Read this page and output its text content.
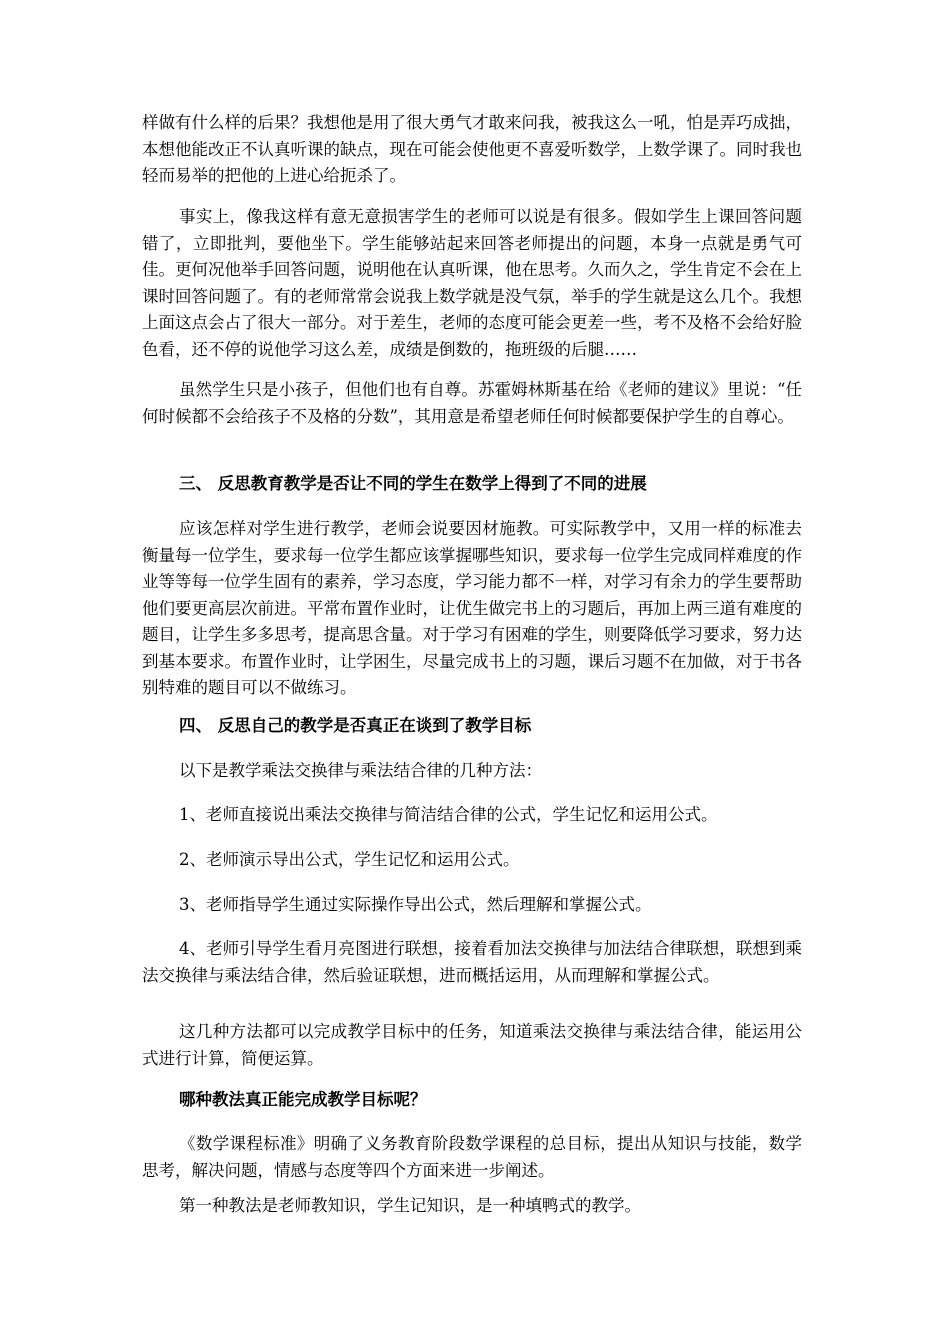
样做有什么样的后果？我想他是用了很大勇气才敢来问我，被我这么一吼，怕是弄巧成拙，本想他能改正不认真听课的缺点，现在可能会使他更不喜爱听数学，上数学课了。同时我也轻而易举的把他的上进心给扼杀了。

事实上，像我这样有意无意损害学生的老师可以说是有很多。假如学生上课回答问题错了，立即批判，要他坐下。学生能够站起来回答老师提出的问题，本身一点就是勇气可佳。更何况他举手回答问题，说明他在认真听课，他在思考。久而久之，学生肯定不会在上课时回答问题了。有的老师常常会说我上数学就是没气氛，举手的学生就是这么几个。我想上面这点会占了很大一部分。对于差生，老师的态度可能会更差一些，考不及格不会给好脸色看，还不停的说他学习这么差，成绩是倒数的，拖班级的后腿……

虽然学生只是小孩子，但他们也有自尊。苏霍姆林斯基在给《老师的建议》里说：“任何时候都不会给孩子不及格的分数”，其用意是希望老师任何时候都要保护学生的自尊心。

三、 反思教育教学是否让不同的学生在数学上得到了不同的进展

应该怎样对学生进行教学，老师会说要因材施教。可实际教学中，又用一样的标准去衡量每一位学生，要求每一位学生都应该掌握哪些知识，要求每一位学生完成同样难度的作业等等每一位学生固有的素养，学习态度，学习能力都不一样，对学习有余力的学生要帮助他们要更高层次前进。平常布置作业时，让优生做完书上的习题后，再加上两三道有难度的题目，让学生多多思考，提高思含量。对于学习有困难的学生，则要降低学习要求，努力达到基本要求。布置作业时，让学困生，尽量完成书上的习题，课后习题不在加做，对于书各别特难的题目可以不做练习。

四、 反思自己的教学是否真正在谈到了教学目标

以下是教学乘法交换律与乘法结合律的几种方法：

1、老师直接说出乘法交换律与简洁结合律的公式，学生记忆和运用公式。

2、老师演示导出公式，学生记忆和运用公式。

3、老师指导学生通过实际操作导出公式，然后理解和掌握公式。

4、老师引导学生看月亮图进行联想，接着看加法交换律与加法结合律联想，联想到乘法交换律与乘法结合律，然后验证联想，进而概括运用，从而理解和掌握公式。

这几种方法都可以完成教学目标中的任务，知道乘法交换律与乘法结合律，能运用公式进行计算，简便运算。

哪种教法真正能完成教学目标呢？

《数学课程标准》明确了义务教育阶段数学课程的总目标，提出从知识与技能，数学思考，解决问题，情感与态度等四个方面来进一步阐述。

第一种教法是老师教知识，学生记知识，是一种填鸭式的教学。
